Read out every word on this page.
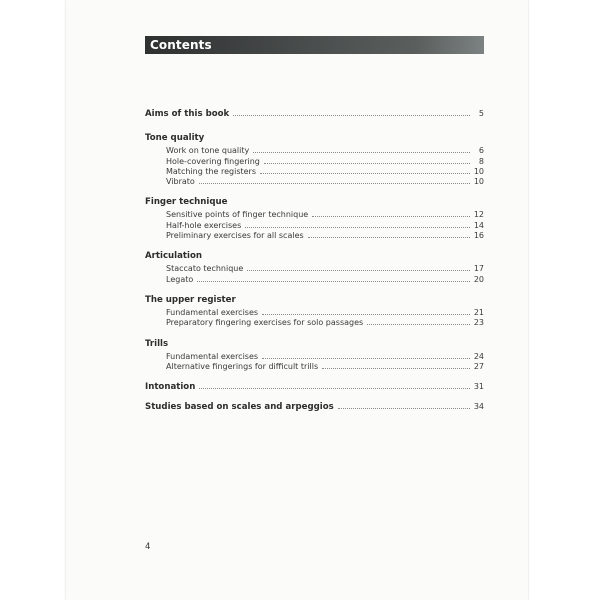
Contents
Aims of this book	5
Tone quality
Work on tone quality	6
Hole-covering fingering	8
Matching the registers	10
Vibrato	10
Finger technique
Sensitive points of finger technique	12
Half-hole exercises	14
Preliminary exercises for all scales	16
Articulation
Staccato technique	17
Legato	20
The upper register
Fundamental exercises	21
Preparatory fingering exercises for solo passages	23
Trills
Fundamental exercises	24
Alternative fingerings for difficult trills	27
Intonation	31
Studies based on scales and arpeggios	34
4
